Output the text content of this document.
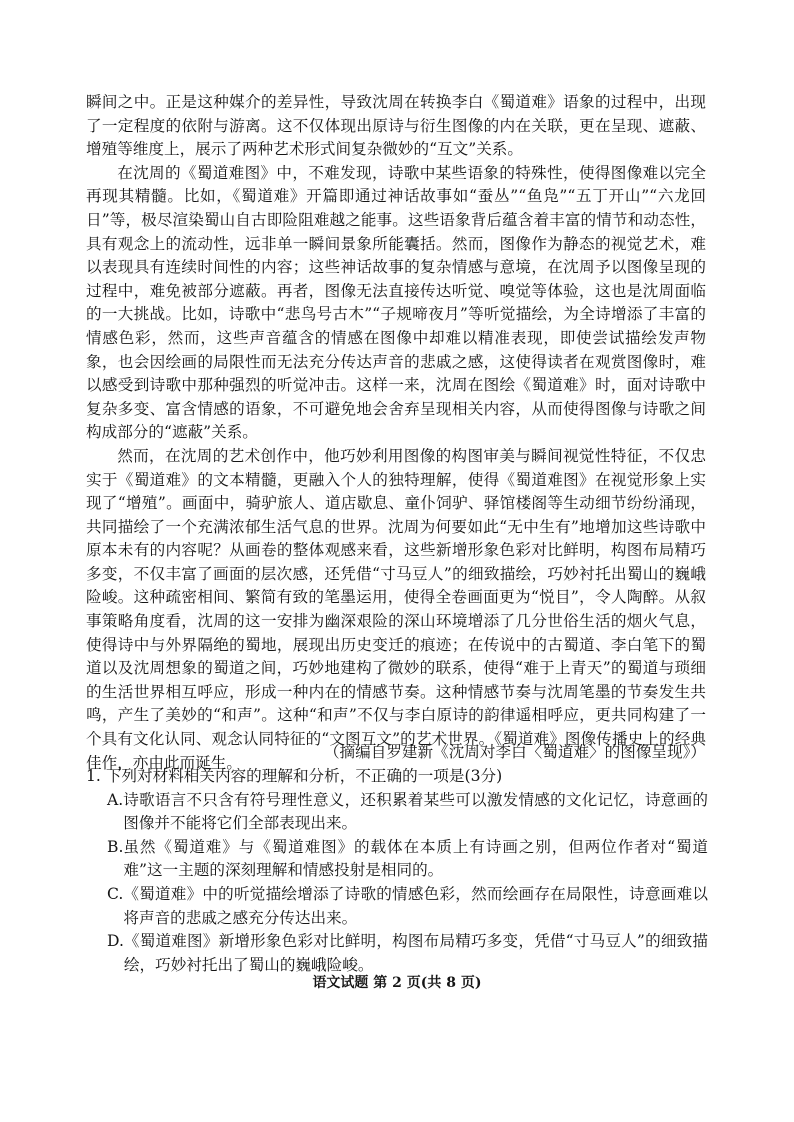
瞬间之中。正是这种媒介的差异性，导致沈周在转换李白《蜀道难》语象的过程中，出现了一定程度的依附与游离。这不仅体现出原诗与衍生图像的内在关联，更在呈现、遮蔽、增殖等维度上，展示了两种艺术形式间复杂微妙的“互文”关系。

在沈周的《蜀道难图》中，不难发现，诗歌中某些语象的特殊性，使得图像难以完全再现其精髓。比如，《蜀道难》开篇即通过神话故事如“蚕丛”“鱼凫”“五丁开山”“六龙回日”等，极尽渲染蜀山自古即险阻难越之能事。这些语象背后蕴含着丰富的情节和动态性，具有观念上的流动性，远非单一瞬间景象所能囊括。然而，图像作为静态的视觉艺术，难以表现具有连续时间性的内容；这些神话故事的复杂情感与意境，在沈周予以图像呈现的过程中，难免被部分遮蔽。再者，图像无法直接传达听觉、嗅觉等体验，这也是沈周面临的一大挑战。比如，诗歌中“悲鸟号古木”“子规啼夜月”等听觉描绘，为全诗增添了丰富的情感色彩，然而，这些声音蕴含的情感在图像中却难以精准表现，即使尝试描绘发声物象，也会因绘画的局限性而无法充分传达声音的悲戚之感，这使得读者在观赏图像时，难以感受到诗歌中那种强烈的听觉冲击。这样一来，沈周在图绘《蜀道难》时，面对诗歌中复杂多变、富含情感的语象，不可避免地会舍弃呈现相关内容，从而使得图像与诗歌之间构成部分的“遮蔽”关系。

然而，在沈周的艺术创作中，他巧妙利用图像的构图审美与瞬间视觉性特征，不仅忠实于《蜀道难》的文本精髓，更融入个人的独特理解，使得《蜀道难图》在视觉形象上实现了“增殖”。画面中，骑驴旅人、道店歇息、童仆饲驴、驿馆楼阁等生动细节纷纷涌现，共同描绘了一个充满浓郁生活气息的世界。沈周为何要如此“无中生有”地增加这些诗歌中原本未有的内容呢？从画卷的整体观感来看，这些新增形象色彩对比鲜明，构图布局精巧多变，不仅丰富了画面的层次感，还凭借“寸马豆人”的细致描绘，巧妙衬托出蜀山的巍峨险峻。这种疏密相间、繁简有致的笔墨运用，使得全卷画面更为“悦目”，令人陶醉。从叙事策略角度看，沈周的这一安排为幽深艰险的深山环境增添了几分世俗生活的烟火气息，使得诗中与外界隔绝的蜀地，展现出历史变迁的痕迹；在传说中的古蜀道、李白笔下的蜀道以及沈周想象的蜀道之间，巧妙地建构了微妙的联系，使得“难于上青天”的蜀道与琐细的生活世界相互呼应，形成一种内在的情感节奏。这种情感节奏与沈周笔墨的节奏发生共鸣，产生了美妙的“和声”。这种“和声”不仅与李白原诗的韵律遥相呼应，更共同构建了一个具有文化认同、观念认同特征的“文图互文”的艺术世界。《蜀道难》图像传播史上的经典佳作，亦由此而诞生。

（摘编自罗建新《沈周对李白〈蜀道难〉的图像呈现》）
1. 下列对材料相关内容的理解和分析，不正确的一项是(3分)
A. 诗歌语言不只含有符号理性意义，还积累着某些可以激发情感的文化记忆，诗意画的图像并不能将它们全部表现出来。
B. 虽然《蜀道难》与《蜀道难图》的载体在本质上有诗画之别，但两位作者对“蜀道难”这一主题的深刻理解和情感投射是相同的。
C. 《蜀道难》中的听觉描绘增添了诗歌的情感色彩，然而绘画存在局限性，诗意画难以将声音的悲戚之感充分传达出来。
D. 《蜀道难图》新增形象色彩对比鲜明，构图布局精巧多变，凭借“寸马豆人”的细致描绘，巧妙衬托出了蜀山的巍峨险峻。
语文试题 第 2 页(共 8 页)
